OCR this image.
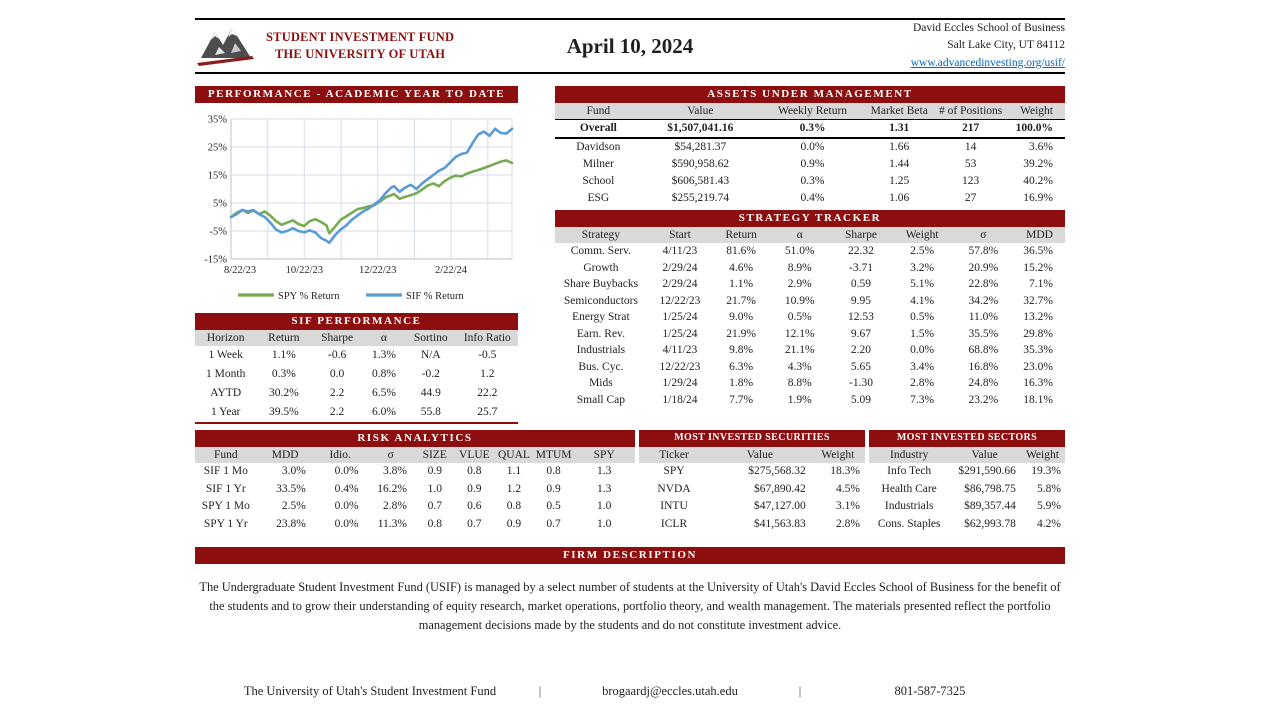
STUDENT INVESTMENT FUND
THE UNIVERSITY OF UTAH	April 10, 2024
David Eccles School of Business
Salt Lake City, UT 84112
www.advancedinvesting.org/usif/
PERFORMANCE - ACADEMIC YEAR TO DATE
35%
25%
15%
5%
-5%
-15%
8/22/23	10/22/23	12/22/23	2/22/24
SPY % Return	SIF % Return
SIF PERFORMANCE
Horizon	Return	Sharpe	α	Sortino	Info Ratio
1 Week	1.1%	-0.6	1.3%	N/A	-0.5
1 Month	0.3%	0.0	0.8%	-0.2	1.2
AYTD	30.2%	2.2	6.5%	44.9	22.2
1 Year	39.5%	2.2	6.0%	55.8	25.7
ASSETS UNDER MANAGEMENT
Fund	Value	Weekly Return	Market Beta	# of Positions	Weight
Overall	$1,507,041.16	0.3%	1.31	217	100.0%
Davidson	$54,281.37	0.0%	1.66	14	3.6%
Milner	$590,958.62	0.9%	1.44	53	39.2%
School	$606,581.43	0.3%	1.25	123	40.2%
ESG	$255,219.74	0.4%	1.06	27	16.9%
STRATEGY TRACKER
Strategy	Start	Return	α	Sharpe	Weight	σ	MDD
Comm. Serv.	4/11/23	81.6%	51.0%	22.32	2.5%	57.8%	36.5%
Growth	2/29/24	4.6%	8.9%	-3.71	3.2%	20.9%	15.2%
Share Buybacks	2/29/24	1.1%	2.9%	0.59	5.1%	22.8%	7.1%
Semiconductors	12/22/23	21.7%	10.9%	9.95	4.1%	34.2%	32.7%
Energy Strat	1/25/24	9.0%	0.5%	12.53	0.5%	11.0%	13.2%
Earn. Rev.	1/25/24	21.9%	12.1%	9.67	1.5%	35.5%	29.8%
Industrials	4/11/23	9.8%	21.1%	2.20	0.0%	68.8%	35.3%
Bus. Cyc.	12/22/23	6.3%	4.3%	5.65	3.4%	16.8%	23.0%
Mids	1/29/24	1.8%	8.8%	-1.30	2.8%	24.8%	16.3%
Small Cap	1/18/24	7.7%	1.9%	5.09	7.3%	23.2%	18.1%
RISK ANALYTICS
Fund	MDD	Idio.	σ	SIZE	VLUE	QUAL	MTUM	SPY
SIF 1 Mo	3.0%	0.0%	3.8%	0.9	0.8	1.1	0.8	1.3
SIF 1 Yr	33.5%	0.4%	16.2%	1.0	0.9	1.2	0.9	1.3
SPY 1 Mo	2.5%	0.0%	2.8%	0.7	0.6	0.8	0.5	1.0
SPY 1 Yr	23.8%	0.0%	11.3%	0.8	0.7	0.9	0.7	1.0
MOST INVESTED SECURITIES
Ticker	Value	Weight
SPY	$275,568.32	18.3%
NVDA	$67,890.42	4.5%
INTU	$47,127.00	3.1%
ICLR	$41,563.83	2.8%
MOST INVESTED SECTORS
Industry	Value	Weight
Info Tech	$291,590.66	19.3%
Health Care	$86,798.75	5.8%
Industrials	$89,357.44	5.9%
Cons. Staples	$62,993.78	4.2%
FIRM DESCRIPTION

The Undergraduate Student Investment Fund (USIF) is managed by a select number of students at the University of Utah's David Eccles School of Business for the benefit of the students and to grow their understanding of equity research, market operations, portfolio theory, and wealth management. The materials presented reflect the portfolio management decisions made by the students and do not constitute investment advice.

The University of Utah's Student Investment Fund	|	brogaardj@eccles.utah.edu	|	801-587-7325
